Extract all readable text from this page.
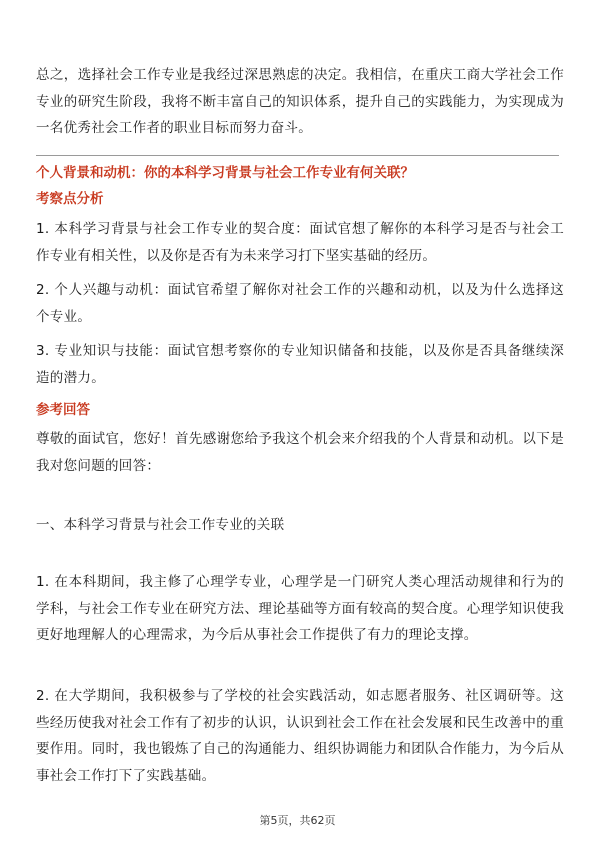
总之，选择社会工作专业是我经过深思熟虑的决定。我相信，在重庆工商大学社会工作专业的研究生阶段，我将不断丰富自己的知识体系，提升自己的实践能力，为实现成为一名优秀社会工作者的职业目标而努力奋斗。

个人背景和动机：你的本科学习背景与社会工作专业有何关联？

考察点分析

1. 本科学习背景与社会工作专业的契合度：面试官想了解你的本科学习是否与社会工作专业有相关性，以及你是否有为未来学习打下坚实基础的经历。

2. 个人兴趣与动机：面试官希望了解你对社会工作的兴趣和动机，以及为什么选择这个专业。

3. 专业知识与技能：面试官想考察你的专业知识储备和技能，以及你是否具备继续深造的潜力。

参考回答

尊敬的面试官，您好！首先感谢您给予我这个机会来介绍我的个人背景和动机。以下是我对您问题的回答：

一、本科学习背景与社会工作专业的关联

1. 在本科期间，我主修了心理学专业，心理学是一门研究人类心理活动规律和行为的学科，与社会工作专业在研究方法、理论基础等方面有较高的契合度。心理学知识使我更好地理解人的心理需求，为今后从事社会工作提供了有力的理论支撑。

2. 在大学期间，我积极参与了学校的社会实践活动，如志愿者服务、社区调研等。这些经历使我对社会工作有了初步的认识，认识到社会工作在社会发展和民生改善中的重要作用。同时，我也锻炼了自己的沟通能力、组织协调能力和团队合作能力，为今后从事社会工作打下了实践基础。

第5页，共62页
